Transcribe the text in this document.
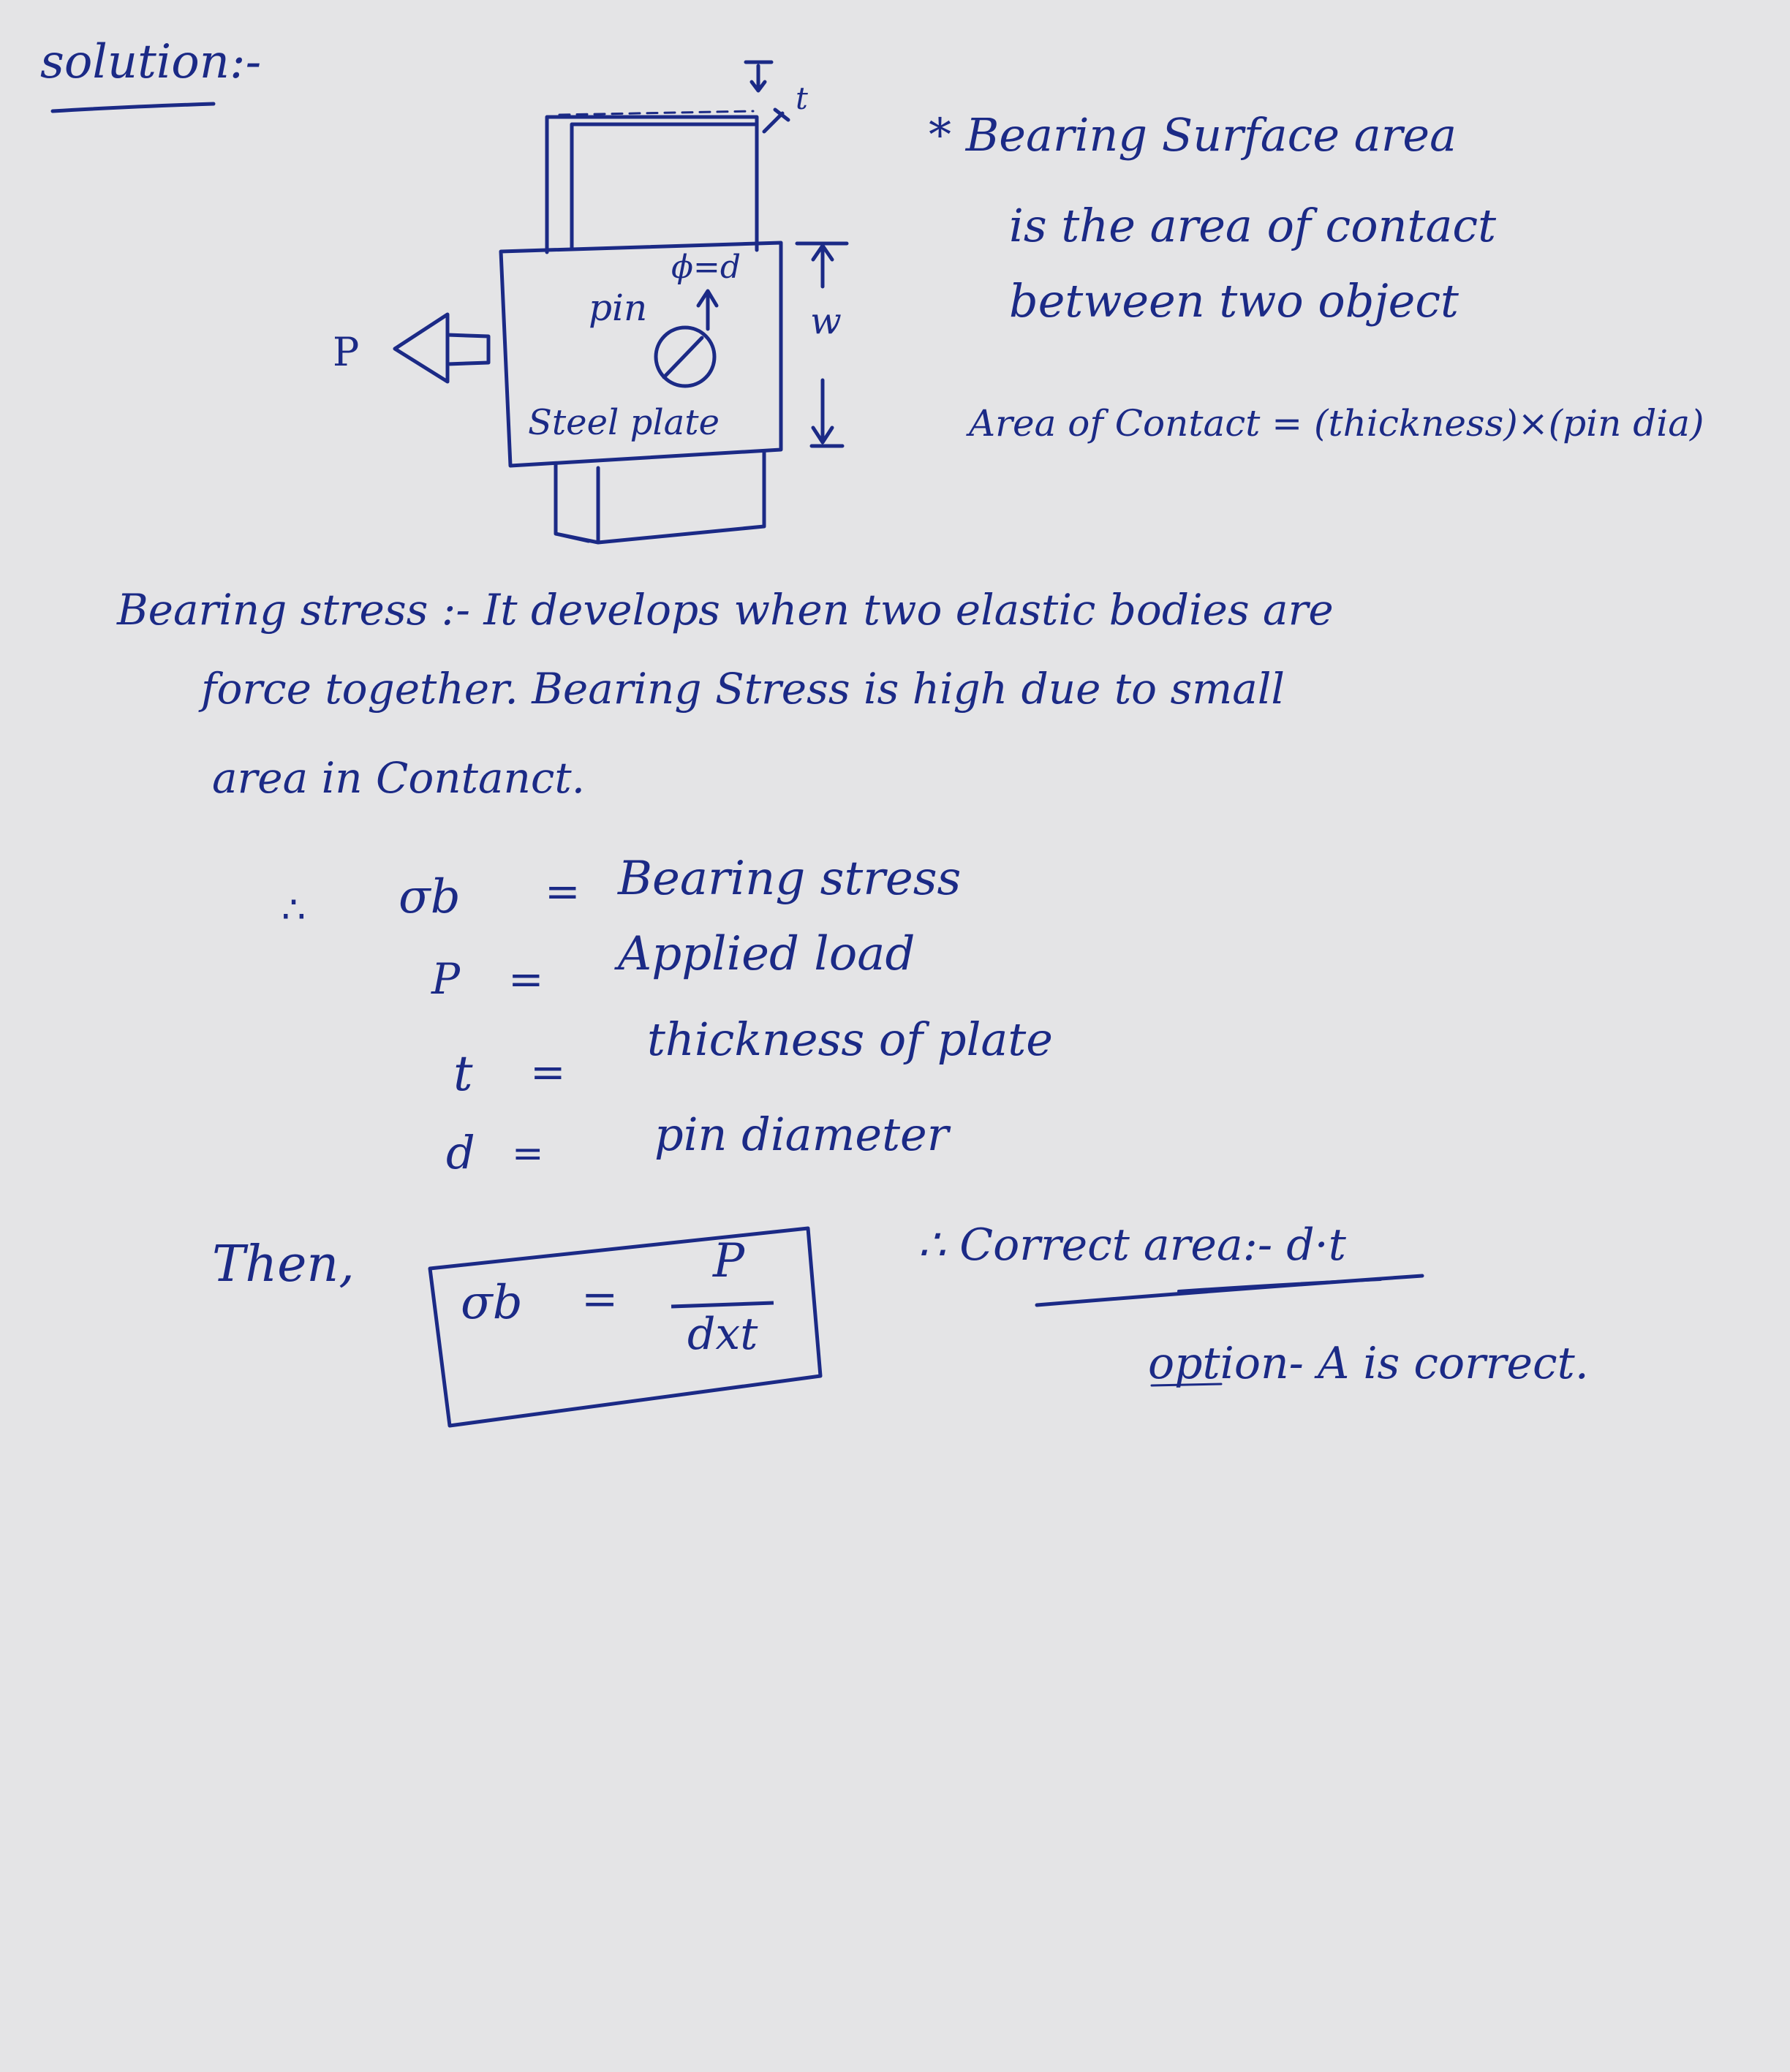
solution:-
P
pin
ϕ=d
w
t
Steel plate
* Bearing Surface area
is the area of contact
between two object
Area of Contact = (thickness)×(pin dia)
Bearing stress :- It develops when two elastic bodies are
force together. Bearing Stress is high due to small
area in Contanct.
∴ σb = Bearing stress
P = Applied load
t =
thickness of plate
d = pin diameter
Then,
σb =
P
dxt
∴ Correct area:- d·t
option- A is correct.
